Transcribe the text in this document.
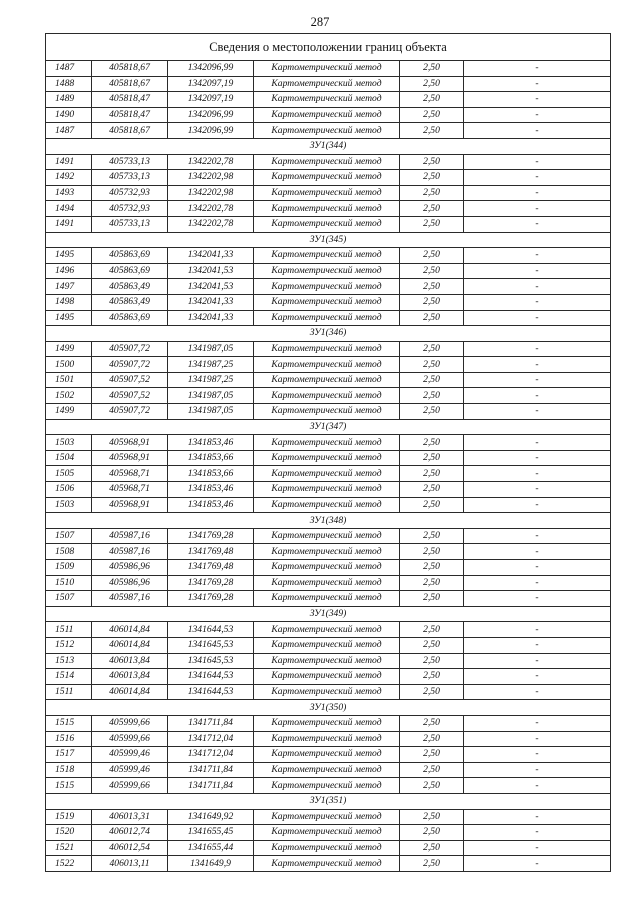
287
Сведения о местоположении границ объекта					
1487	405818,67	1342096,99	Картометрический метод	2,50	-
1488	405818,67	1342097,19	Картометрический метод	2,50	-
1489	405818,47	1342097,19	Картометрический метод	2,50	-
1490	405818,47	1342096,99	Картометрический метод	2,50	-
1487	405818,67	1342096,99	Картометрический метод	2,50	-
ЗУ1(344)					
1491	405733,13	1342202,78	Картометрический метод	2,50	-
1492	405733,13	1342202,98	Картометрический метод	2,50	-
1493	405732,93	1342202,98	Картометрический метод	2,50	-
1494	405732,93	1342202,78	Картометрический метод	2,50	-
1491	405733,13	1342202,78	Картометрический метод	2,50	-
ЗУ1(345)					
1495	405863,69	1342041,33	Картометрический метод	2,50	-
1496	405863,69	1342041,53	Картометрический метод	2,50	-
1497	405863,49	1342041,53	Картометрический метод	2,50	-
1498	405863,49	1342041,33	Картометрический метод	2,50	-
1495	405863,69	1342041,33	Картометрический метод	2,50	-
ЗУ1(346)					
1499	405907,72	1341987,05	Картометрический метод	2,50	-
1500	405907,72	1341987,25	Картометрический метод	2,50	-
1501	405907,52	1341987,25	Картометрический метод	2,50	-
1502	405907,52	1341987,05	Картометрический метод	2,50	-
1499	405907,72	1341987,05	Картометрический метод	2,50	-
ЗУ1(347)					
1503	405968,91	1341853,46	Картометрический метод	2,50	-
1504	405968,91	1341853,66	Картометрический метод	2,50	-
1505	405968,71	1341853,66	Картометрический метод	2,50	-
1506	405968,71	1341853,46	Картометрический метод	2,50	-
1503	405968,91	1341853,46	Картометрический метод	2,50	-
ЗУ1(348)					
1507	405987,16	1341769,28	Картометрический метод	2,50	-
1508	405987,16	1341769,48	Картометрический метод	2,50	-
1509	405986,96	1341769,48	Картометрический метод	2,50	-
1510	405986,96	1341769,28	Картометрический метод	2,50	-
1507	405987,16	1341769,28	Картометрический метод	2,50	-
ЗУ1(349)					
1511	406014,84	1341644,53	Картометрический метод	2,50	-
1512	406014,84	1341645,53	Картометрический метод	2,50	-
1513	406013,84	1341645,53	Картометрический метод	2,50	-
1514	406013,84	1341644,53	Картометрический метод	2,50	-
1511	406014,84	1341644,53	Картометрический метод	2,50	-
ЗУ1(350)					
1515	405999,66	1341711,84	Картометрический метод	2,50	-
1516	405999,66	1341712,04	Картометрический метод	2,50	-
1517	405999,46	1341712,04	Картометрический метод	2,50	-
1518	405999,46	1341711,84	Картометрический метод	2,50	-
1515	405999,66	1341711,84	Картометрический метод	2,50	-
ЗУ1(351)					
1519	406013,31	1341649,92	Картометрический метод	2,50	-
1520	406012,74	1341655,45	Картометрический метод	2,50	-
1521	406012,54	1341655,44	Картометрический метод	2,50	-
1522	406013,11	1341649,9	Картометрический метод	2,50	-
